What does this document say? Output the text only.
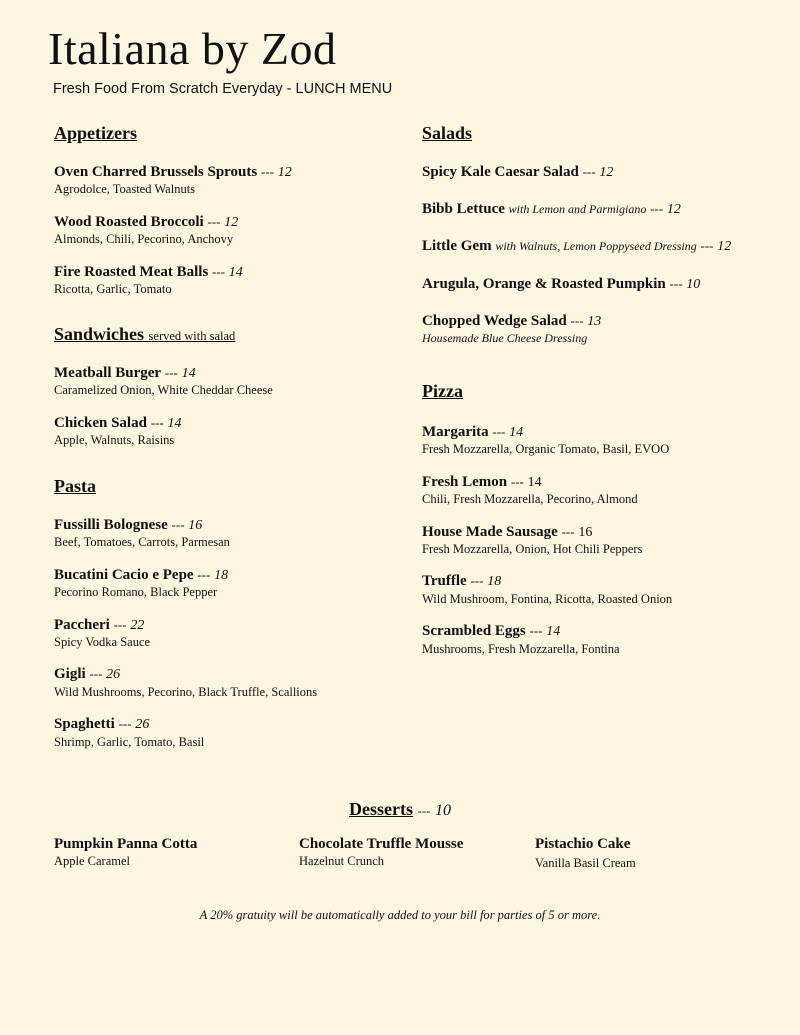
Italiana by Zod

Fresh Food From Scratch Everyday - LUNCH MENU

Appetizers
Oven Charred Brussels Sprouts --- 12
Agrodolce, Toasted Walnuts
Wood Roasted Broccoli --- 12
Almonds, Chili, Pecorino, Anchovy
Fire Roasted Meat Balls --- 14
Ricotta, Garlic, Tomato
Sandwiches served with salad
Meatball Burger --- 14
Caramelized Onion, White Cheddar Cheese
Chicken Salad --- 14
Apple, Walnuts, Raisins
Pasta
Fussilli Bolognese --- 16
Beef, Tomatoes, Carrots, Parmesan
Bucatini Cacio e Pepe --- 18
Pecorino Romano, Black Pepper
Paccheri --- 22
Spicy Vodka Sauce
Gigli --- 26
Wild Mushrooms, Pecorino, Black Truffle, Scallions
Spaghetti --- 26
Shrimp, Garlic, Tomato, Basil
Salads
Spicy Kale Caesar Salad --- 12
Bibb Lettuce with Lemon and Parmigiano --- 12
Little Gem with Walnuts, Lemon Poppyseed Dressing --- 12
Arugula, Orange & Roasted Pumpkin --- 10
Chopped Wedge Salad --- 13
Housemade Blue Cheese Dressing
Pizza
Margarita --- 14
Fresh Mozzarella, Organic Tomato, Basil, EVOO
Fresh Lemon --- 14
Chili, Fresh Mozzarella, Pecorino, Almond
House Made Sausage --- 16
Fresh Mozzarella, Onion, Hot Chili Peppers
Truffle --- 18
Wild Mushroom, Fontina, Ricotta, Roasted Onion
Scrambled Eggs --- 14
Mushrooms, Fresh Mozzarella, Fontina
Desserts --- 10
Pumpkin Panna Cotta
Apple Caramel
Chocolate Truffle Mousse
Hazelnut Crunch
Pistachio Cake
Vanilla Basil Cream
A 20% gratuity will be automatically added to your bill for parties of 5 or more.
